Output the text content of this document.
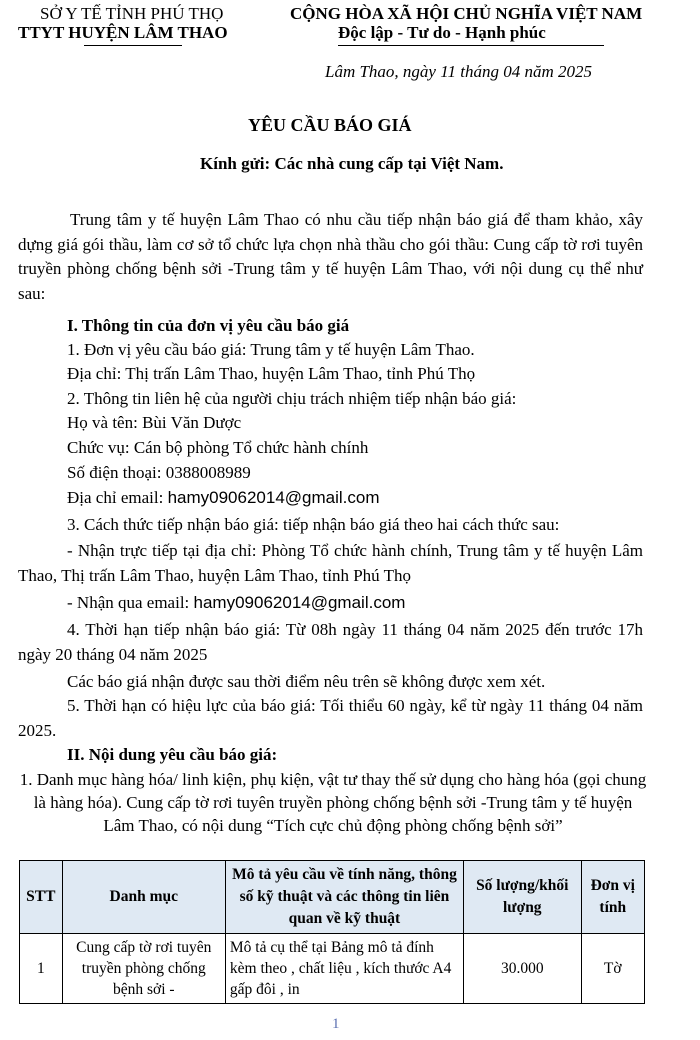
SỞ Y TẾ TỈNH PHÚ THỌ
TTYT HUYỆN LÂM THAO
CỘNG HÒA XÃ HỘI CHỦ NGHĨA VIỆT NAM
Độc lập - Tư do - Hạnh phúc
Lâm Thao, ngày 11 tháng 04 năm 2025
YÊU CẦU BÁO GIÁ
Kính gửi: Các nhà cung cấp tại Việt Nam.
Trung tâm y tế huyện Lâm Thao có nhu cầu tiếp nhận báo giá để tham khảo, xây dựng giá gói thầu, làm cơ sở tổ chức lựa chọn nhà thầu cho gói thầu: Cung cấp tờ rơi tuyên truyền phòng chống bệnh sởi -Trung tâm y tế huyện Lâm Thao, với nội dung cụ thể như sau:
I. Thông tin của đơn vị yêu cầu báo giá
1. Đơn vị yêu cầu báo giá: Trung tâm y tế huyện Lâm Thao.
Địa chỉ: Thị trấn Lâm Thao, huyện Lâm Thao, tỉnh Phú Thọ
2. Thông tin liên hệ của người chịu trách nhiệm tiếp nhận báo giá:
Họ và tên: Bùi Văn Dược
Chức vụ: Cán bộ phòng Tổ chức hành chính
Số điện thoại: 0388008989
Địa chỉ email: hamy09062014@gmail.com
3. Cách thức tiếp nhận báo giá: tiếp nhận báo giá theo hai cách thức sau:
- Nhận trực tiếp tại địa chỉ: Phòng Tổ chức hành chính, Trung tâm y tế huyện Lâm Thao, Thị trấn Lâm Thao, huyện Lâm Thao, tỉnh Phú Thọ
- Nhận qua email: hamy09062014@gmail.com
4. Thời hạn tiếp nhận báo giá: Từ 08h ngày 11 tháng 04 năm 2025 đến trước 17h ngày 20 tháng 04 năm 2025
Các báo giá nhận được sau thời điểm nêu trên sẽ không được xem xét.
5. Thời hạn có hiệu lực của báo giá: Tối thiểu 60 ngày, kể từ ngày 11 tháng 04 năm 2025.
II. Nội dung yêu cầu báo giá:
1. Danh mục hàng hóa/ linh kiện, phụ kiện, vật tư thay thế sử dụng cho hàng hóa (gọi chung là hàng hóa). Cung cấp tờ rơi tuyên truyền phòng chống bệnh sởi -Trung tâm y tế huyện Lâm Thao, có nội dung “Tích cực chủ động phòng chống bệnh sởi”
STT	Danh mục	Mô tả yêu cầu về tính năng, thông số kỹ thuật và các thông tin liên quan về kỹ thuật	Số lượng/khối lượng	Đơn vị tính
1	Cung cấp tờ rơi tuyên truyền phòng chống bệnh sởi -	Mô tả cụ thể tại Bảng mô tả đính kèm theo , chất liệu , kích thước A4 gấp đôi , in	30.000	Tờ
1
